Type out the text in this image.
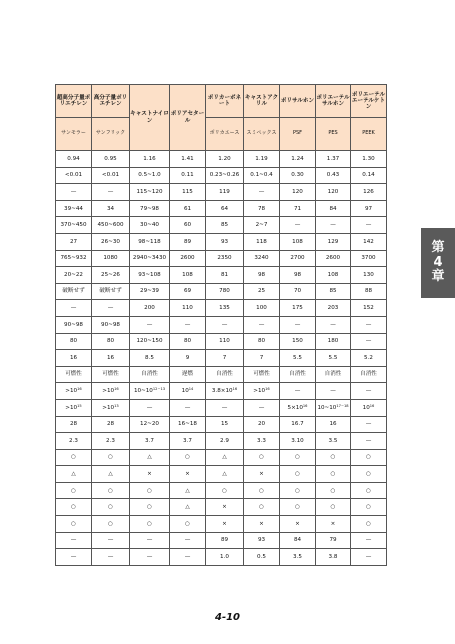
超高分子量ポリエチレン	高分子量ポリエチレン	キャストナイロン	ポリアセタール	ポリカーボネート	キャストアクリル	ポリサルホン	ポリエーテルサルホン	ポリエーテルエーテルケトン
サンモラー	サンフリック			ポリカエース	スミペックス	PSF	PES	PEEK
0.94	0.95	1.16	1.41	1.20	1.19	1.24	1.37	1.30
<0.01	<0.01	0.5~1.0	0.11	0.23~0.26	0.1~0.4	0.30	0.43	0.14
—	—	115~120	115	119	—	120	120	126
39~44	34	79~98	61	64	78	71	84	97
370~450	450~600	30~40	60	85	2~7	—	—	—
27	26~30	98~118	89	93	118	108	129	142
765~932	1080	2940~3430	2600	2350	3240	2700	2600	3700
20~22	25~26	93~108	108	81	98	98	108	130
破断せず	破断せず	29~39	69	780	25	70	85	88
—	—	200	110	135	100	175	203	152
90~98	90~98	—	—	—	—	—	—	—
80	80	120~150	80	110	80	150	180	—
16	16	8.5	9	7	7	5.5	5.5	5.2
可燃性	可燃性	自消性	遅燃	自消性	可燃性	自消性	自消性	自消性
$>10^{16}$	$>10^{16}$	$10\sim 10^{12\sim 13}$	$10^{14}$	$3.8\times 10^{16}$	$>10^{16}$	—	—	—
$>10^{15}$	$>10^{13}$	—	—	—	—	$5\times 10^{16}$	$10\sim 10^{17\sim 18}$	$10^{16}$
28	28	12~20	16~18	15	20	16.7	16	—
2.3	2.3	3.7	3.7	2.9	3.3	3.10	3.5	—
○	○	△	○	△	○	○	○	○
△	△	×	×	△	×	○	○	○
○	○	○	△	○	○	○	○	○
○	○	○	△	×	○	○	○	○
○	○	○	○	×	×	×	×	○
—	—	—	—	89	93	84	79	—
—	—	—	—	1.0	0.5	3.5	3.8	—
第
4
章
4-10
